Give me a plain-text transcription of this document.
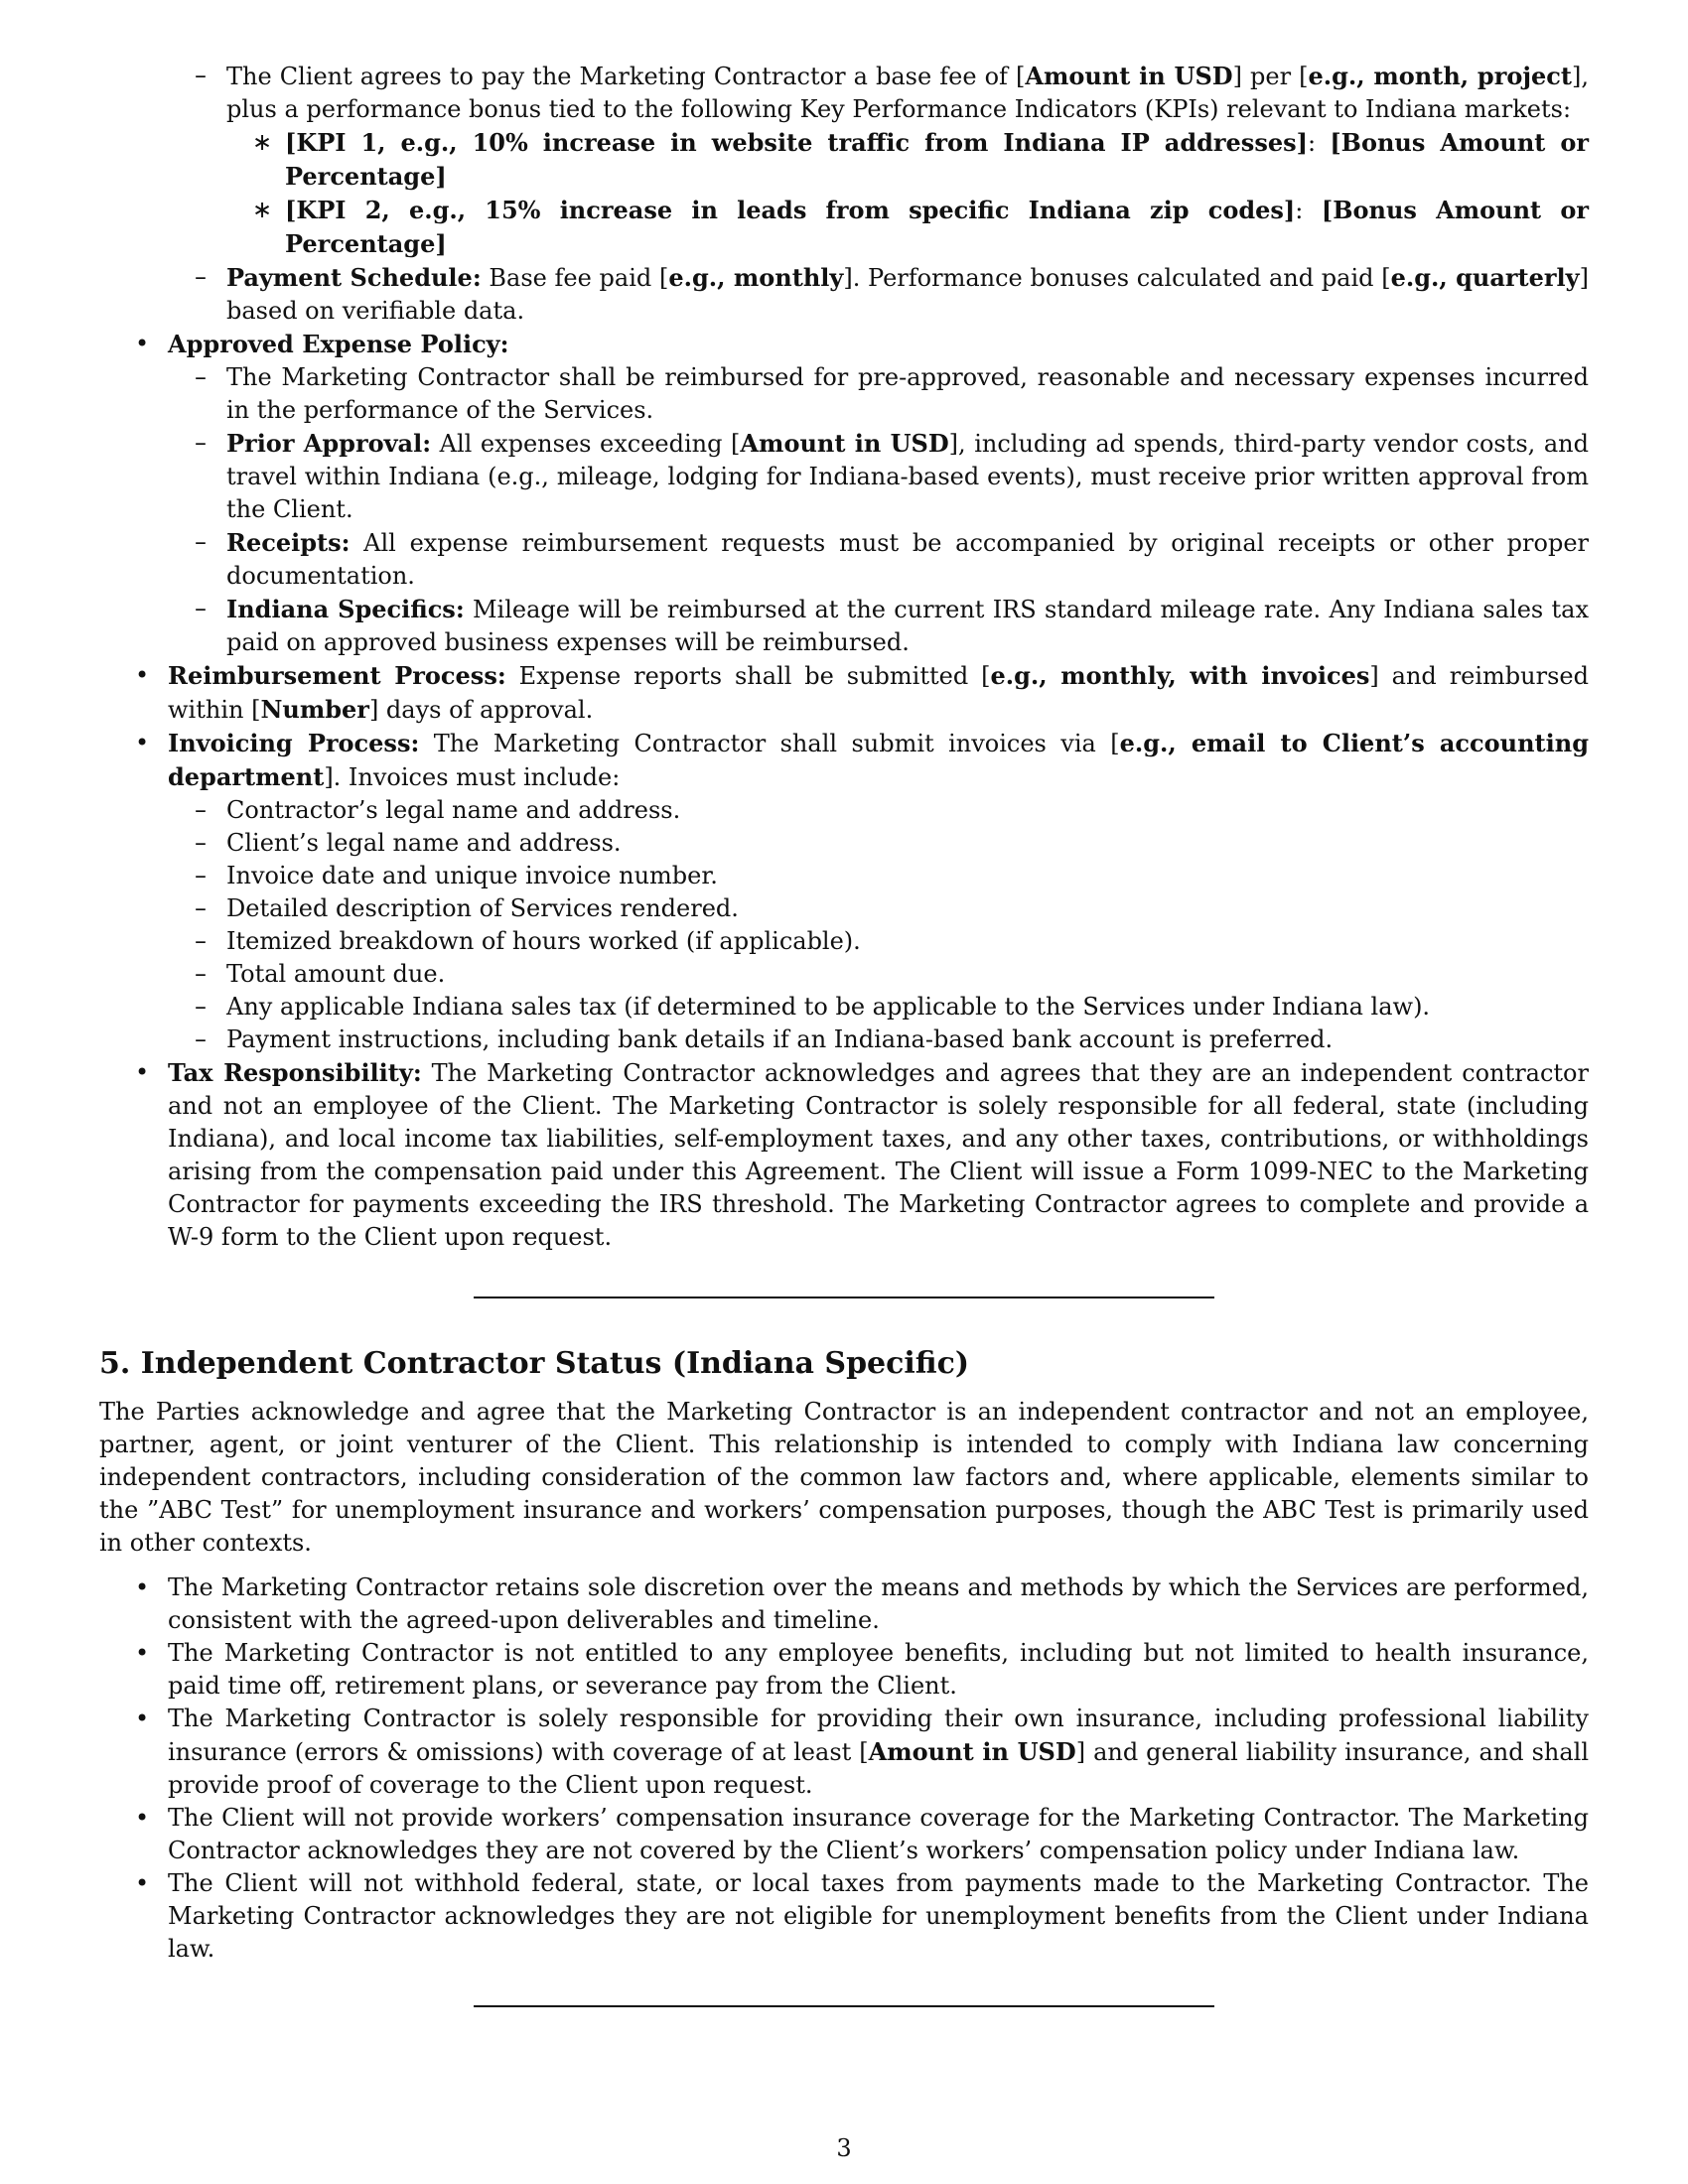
– The Client agrees to pay the Marketing Contractor a base fee of [Amount in USD] per [e.g., month, project], plus a performance bonus tied to the following Key Performance Indicators (KPIs) relevant to Indiana markets:
∗ [KPI 1, e.g., 10% increase in website traffic from Indiana IP addresses]: [Bonus Amount or Percentage]
∗ [KPI 2, e.g., 15% increase in leads from specific Indiana zip codes]: [Bonus Amount or Percentage]
– Payment Schedule: Base fee paid [e.g., monthly]. Performance bonuses calculated and paid [e.g., quarterly] based on verifiable data.
• Approved Expense Policy:
– The Marketing Contractor shall be reimbursed for pre-approved, reasonable and necessary expenses incurred in the performance of the Services.
– Prior Approval: All expenses exceeding [Amount in USD], including ad spends, third-party vendor costs, and travel within Indiana (e.g., mileage, lodging for Indiana-based events), must receive prior written approval from the Client.
– Receipts: All expense reimbursement requests must be accompanied by original receipts or other proper documentation.
– Indiana Specifics: Mileage will be reimbursed at the current IRS standard mileage rate. Any Indiana sales tax paid on approved business expenses will be reimbursed.
• Reimbursement Process: Expense reports shall be submitted [e.g., monthly, with invoices] and reimbursed within [Number] days of approval.
• Invoicing Process: The Marketing Contractor shall submit invoices via [e.g., email to Client’s accounting department]. Invoices must include:
– Contractor’s legal name and address.
– Client’s legal name and address.
– Invoice date and unique invoice number.
– Detailed description of Services rendered.
– Itemized breakdown of hours worked (if applicable).
– Total amount due.
– Any applicable Indiana sales tax (if determined to be applicable to the Services under Indiana law).
– Payment instructions, including bank details if an Indiana-based bank account is preferred.
• Tax Responsibility: The Marketing Contractor acknowledges and agrees that they are an independent contractor and not an employee of the Client. The Marketing Contractor is solely responsible for all federal, state (including Indiana), and local income tax liabilities, self-employment taxes, and any other taxes, contributions, or withholdings arising from the compensation paid under this Agreement. The Client will issue a Form 1099-NEC to the Marketing Contractor for payments exceeding the IRS threshold. The Marketing Contractor agrees to complete and provide a W-9 form to the Client upon request.
5. Independent Contractor Status (Indiana Specific)

The Parties acknowledge and agree that the Marketing Contractor is an independent contractor and not an employee, partner, agent, or joint venturer of the Client. This relationship is intended to comply with Indiana law concerning independent contractors, including consideration of the common law factors and, where applicable, elements similar to the ”ABC Test” for unemployment insurance and workers’ compensation purposes, though the ABC Test is primarily used in other contexts.

• The Marketing Contractor retains sole discretion over the means and methods by which the Services are performed, consistent with the agreed-upon deliverables and timeline.
• The Marketing Contractor is not entitled to any employee benefits, including but not limited to health insurance, paid time off, retirement plans, or severance pay from the Client.
• The Marketing Contractor is solely responsible for providing their own insurance, including professional liability insurance (errors & omissions) with coverage of at least [Amount in USD] and general liability insurance, and shall provide proof of coverage to the Client upon request.
• The Client will not provide workers’ compensation insurance coverage for the Marketing Contractor. The Marketing Contractor acknowledges they are not covered by the Client’s workers’ compensation policy under Indiana law.
• The Client will not withhold federal, state, or local taxes from payments made to the Marketing Contractor. The Marketing Contractor acknowledges they are not eligible for unemployment benefits from the Client under Indiana law.
3
